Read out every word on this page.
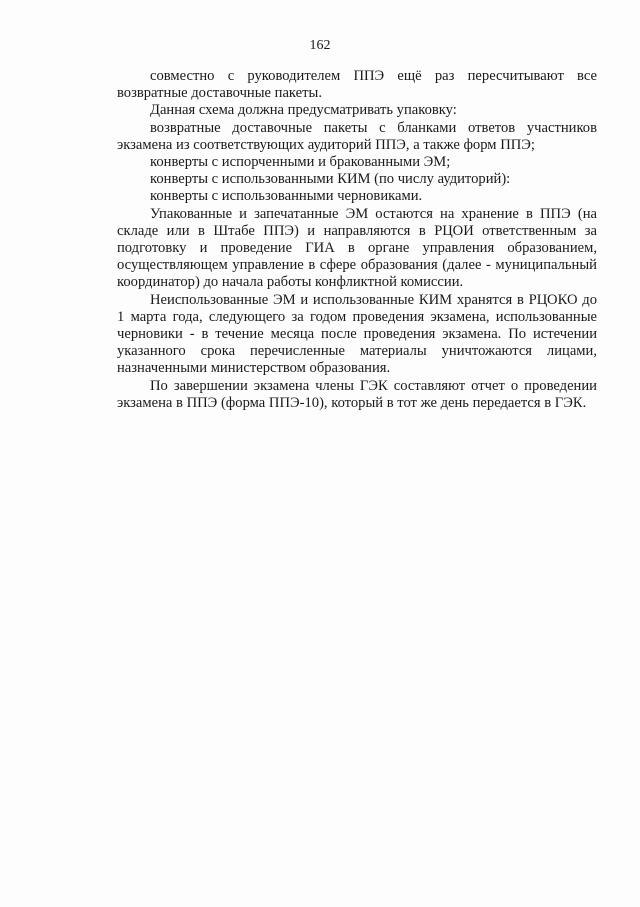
162

совместно с руководителем ППЭ ещё раз пересчитывают все возвратные доставочные пакеты.

Данная схема должна предусматривать упаковку:

возвратные доставочные пакеты с бланками ответов участников экзамена из соответствующих аудиторий ППЭ, а также форм ППЭ;

конверты с испорченными и бракованными ЭМ;

конверты с использованными КИМ (по числу аудиторий):

конверты с использованными черновиками.

Упакованные и запечатанные ЭМ остаются на хранение в ППЭ (на складе или в Штабе ППЭ) и направляются в РЦОИ ответственным за подготовку и проведение ГИА в органе управления образованием, осуществляющем управление в сфере образования (далее - муниципальный координатор) до начала работы конфликтной комиссии.

Неиспользованные ЭМ и использованные КИМ хранятся в РЦОКО до 1 марта года, следующего за годом проведения экзамена, использованные черновики - в течение месяца после проведения экзамена. По истечении указанного срока перечисленные материалы уничтожаются лицами, назначенными министерством образования.

По завершении экзамена члены ГЭК составляют отчет о проведении экзамена в ППЭ (форма ППЭ-10), который в тот же день передается в ГЭК.
